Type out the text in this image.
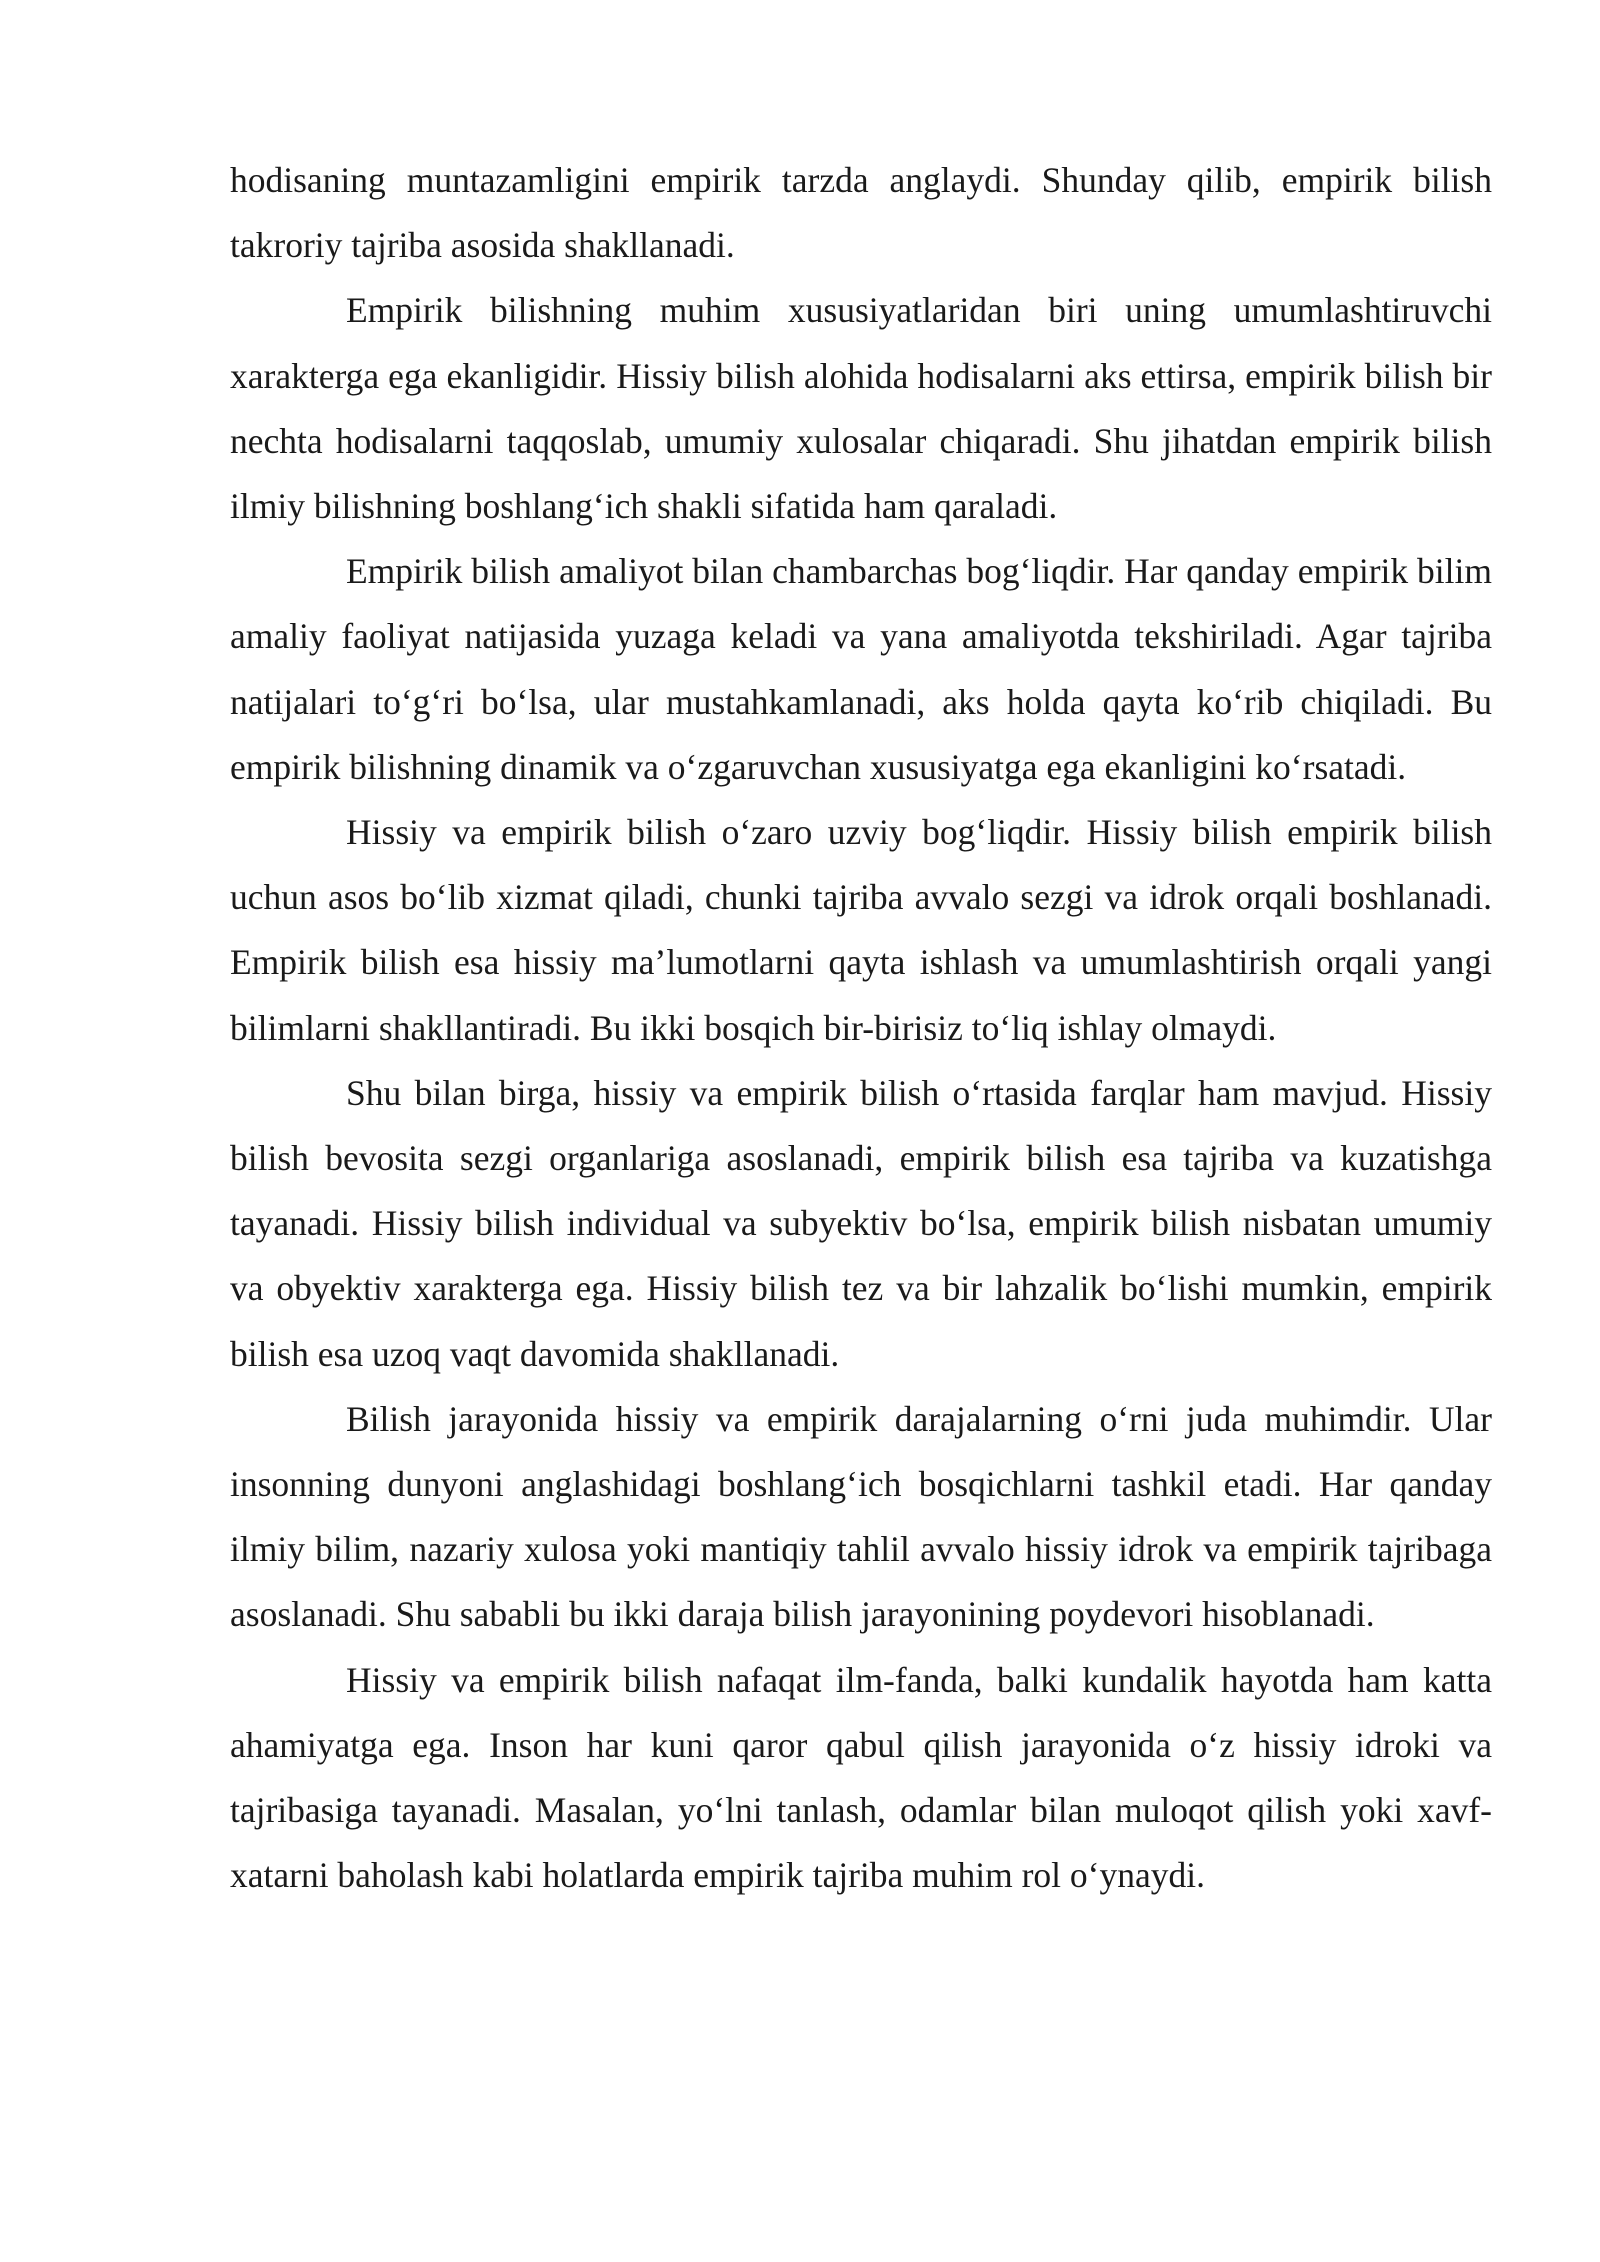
hodisaning muntazamligini empirik tarzda anglaydi. Shunday qilib, empirik bilish takroriy tajriba asosida shakllanadi.

Empirik bilishning muhim xususiyatlaridan biri uning umumlashtiruvchi xarakterga ega ekanligidir. Hissiy bilish alohida hodisalarni aks ettirsa, empirik bilish bir nechta hodisalarni taqqoslab, umumiy xulosalar chiqaradi. Shu jihatdan empirik bilish ilmiy bilishning boshlang‘ich shakli sifatida ham qaraladi.

Empirik bilish amaliyot bilan chambarchas bog‘liqdir. Har qanday empirik bilim amaliy faoliyat natijasida yuzaga keladi va yana amaliyotda tekshiriladi. Agar tajriba natijalari to‘g‘ri bo‘lsa, ular mustahkamlanadi, aks holda qayta ko‘rib chiqiladi. Bu empirik bilishning dinamik va o‘zgaruvchan xususiyatga ega ekanligini ko‘rsatadi.

Hissiy va empirik bilish o‘zaro uzviy bog‘liqdir. Hissiy bilish empirik bilish uchun asos bo‘lib xizmat qiladi, chunki tajriba avvalo sezgi va idrok orqali boshlanadi. Empirik bilish esa hissiy ma’lumotlarni qayta ishlash va umumlashtirish orqali yangi bilimlarni shakllantiradi. Bu ikki bosqich bir-birisiz to‘liq ishlay olmaydi.

Shu bilan birga, hissiy va empirik bilish o‘rtasida farqlar ham mavjud. Hissiy bilish bevosita sezgi organlariga asoslanadi, empirik bilish esa tajriba va kuzatishga tayanadi. Hissiy bilish individual va subyektiv bo‘lsa, empirik bilish nisbatan umumiy va obyektiv xarakterga ega. Hissiy bilish tez va bir lahzalik bo‘lishi mumkin, empirik bilish esa uzoq vaqt davomida shakllanadi.

Bilish jarayonida hissiy va empirik darajalarning o‘rni juda muhimdir. Ular insonning dunyoni anglashidagi boshlang‘ich bosqichlarni tashkil etadi. Har qanday ilmiy bilim, nazariy xulosa yoki mantiqiy tahlil avvalo hissiy idrok va empirik tajribaga asoslanadi. Shu sababli bu ikki daraja bilish jarayonining poydevori hisoblanadi.

Hissiy va empirik bilish nafaqat ilm-fanda, balki kundalik hayotda ham katta ahamiyatga ega. Inson har kuni qaror qabul qilish jarayonida o‘z hissiy idroki va tajribasiga tayanadi. Masalan, yo‘lni tanlash, odamlar bilan muloqot qilish yoki xavf-xatarni baholash kabi holatlarda empirik tajriba muhim rol o‘ynaydi.
